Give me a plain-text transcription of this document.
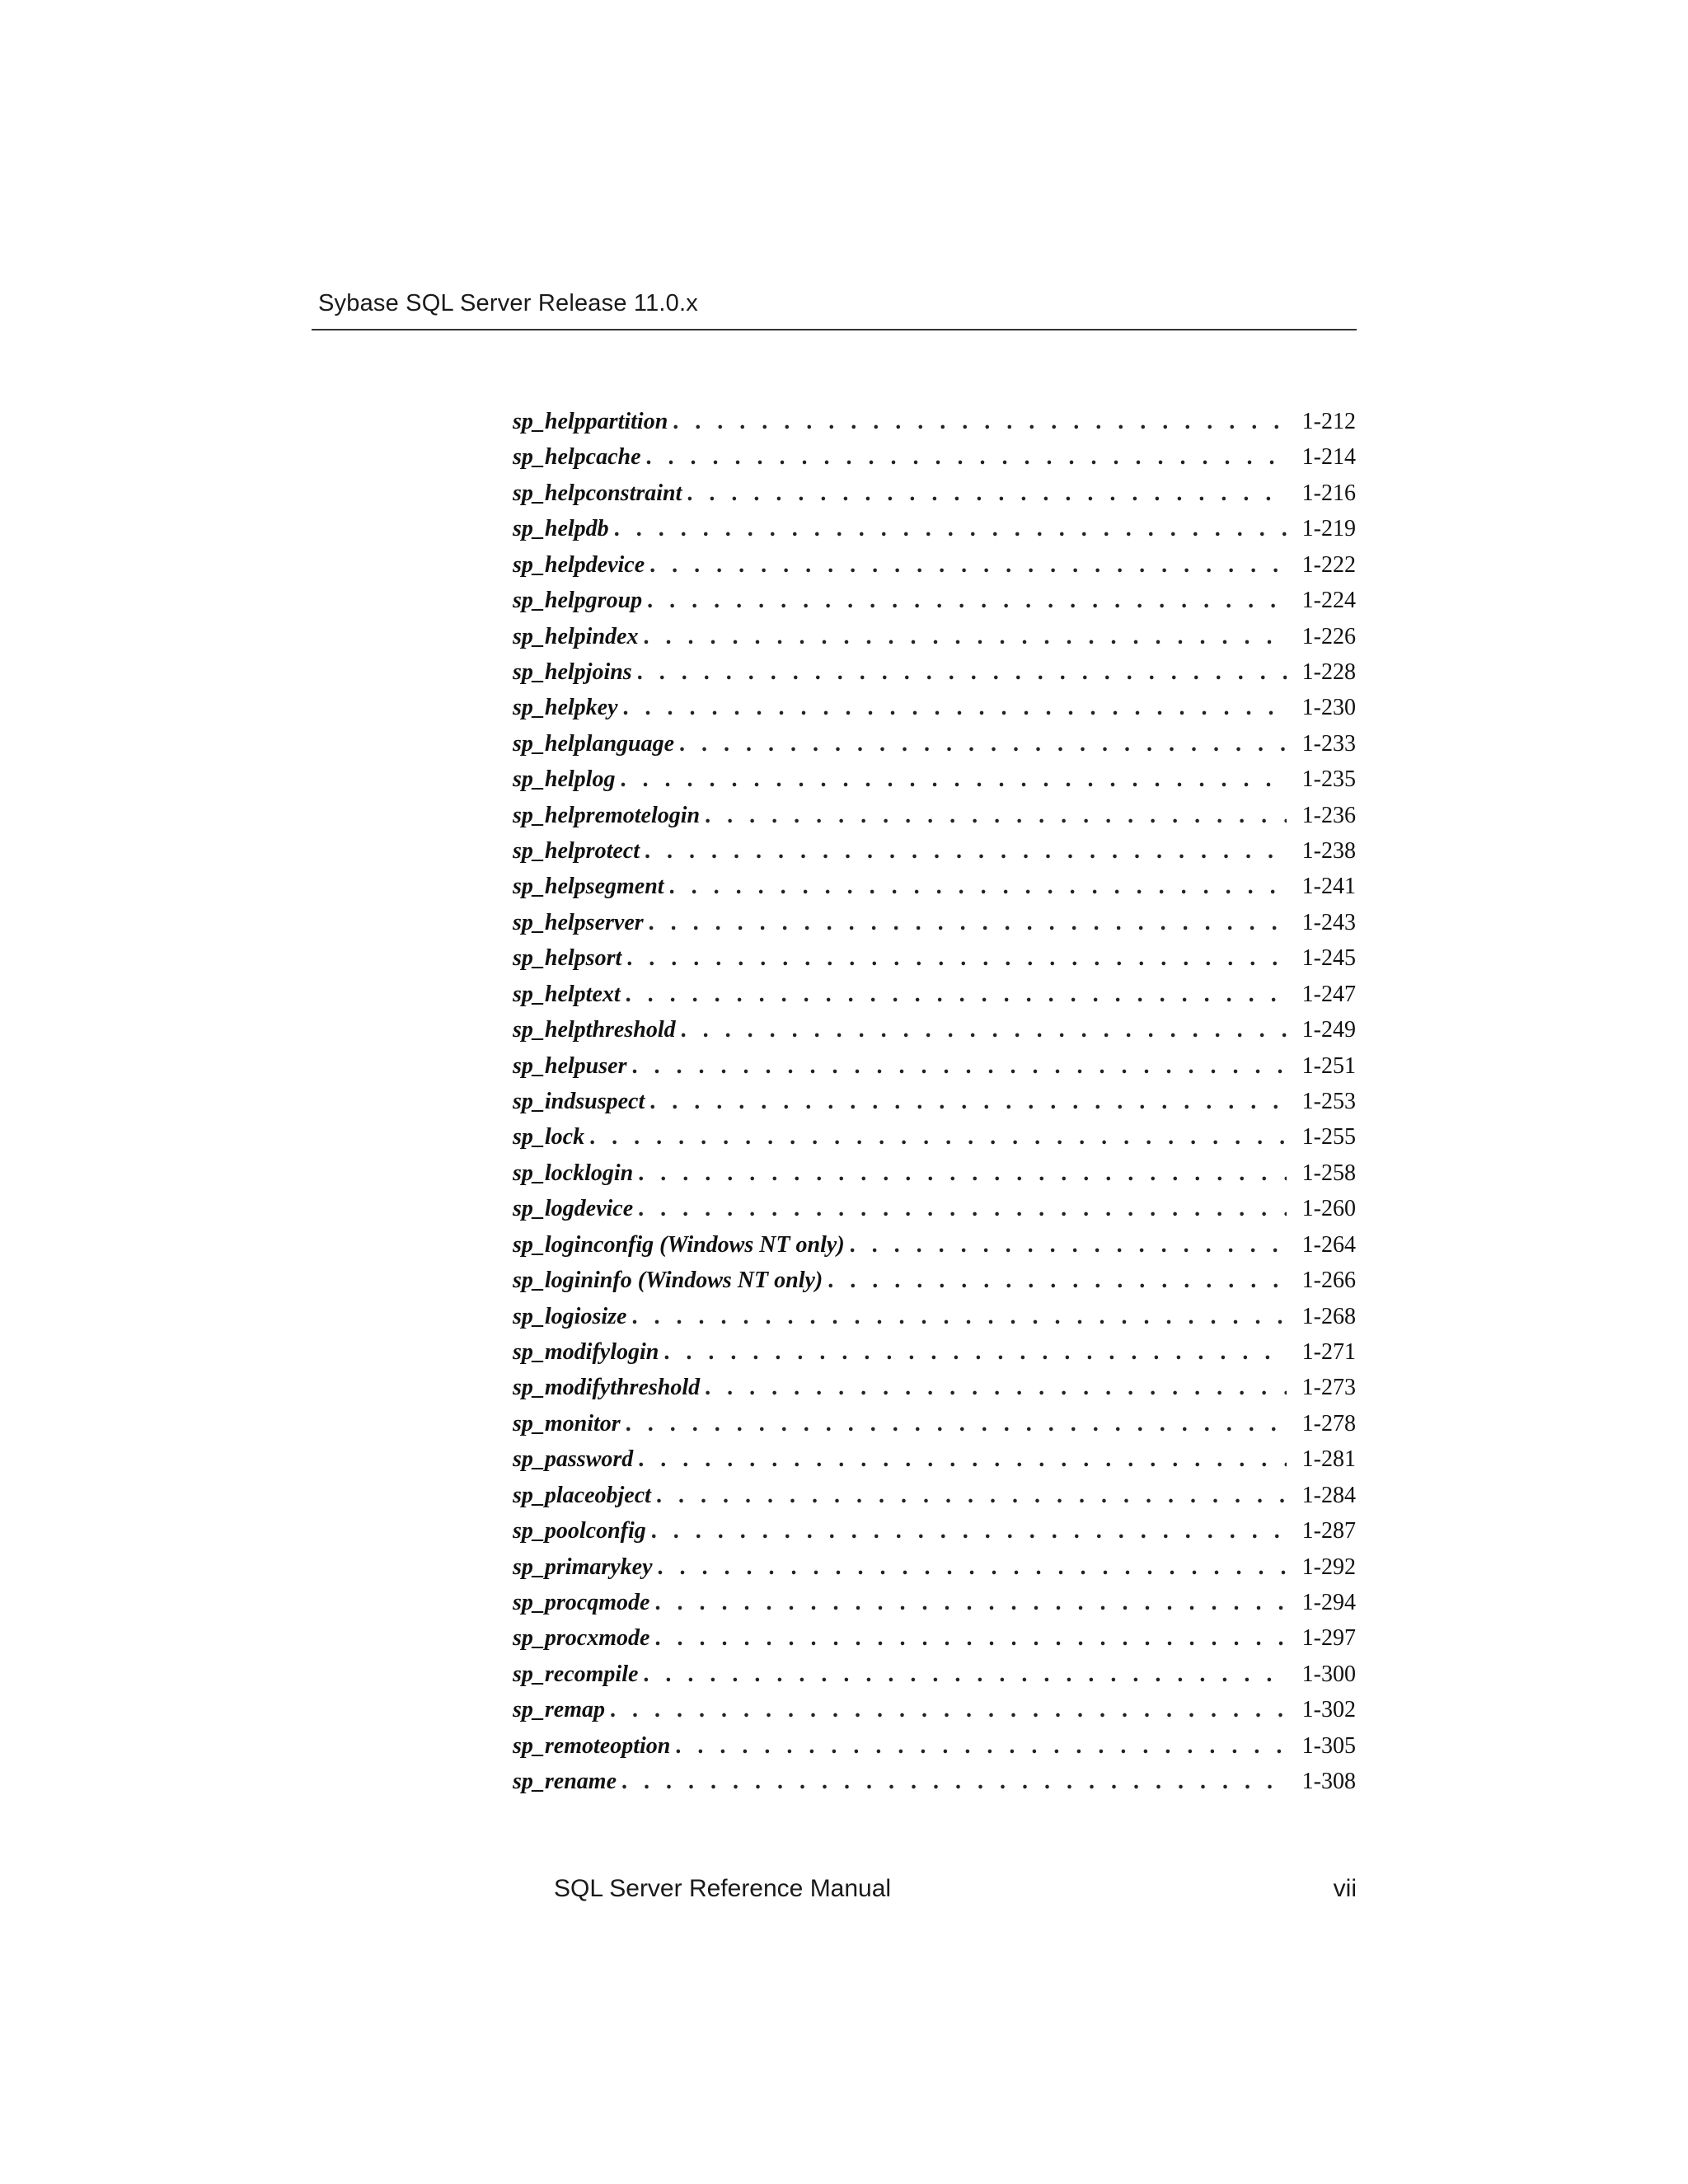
Sybase SQL Server Release 11.0.x
sp_helppartition . . .	1-212
sp_helpcache . . .	1-214
sp_helpconstraint . . .	1-216
sp_helpdb . . .	1-219
sp_helpdevice . . .	1-222
sp_helpgroup . . .	1-224
sp_helpindex . . .	1-226
sp_helpjoins . . .	1-228
sp_helpkey . . .	1-230
sp_helplanguage . . .	1-233
sp_helplog . . .	1-235
sp_helpremotelogin . . .	1-236
sp_helprotect . . .	1-238
sp_helpsegment . . .	1-241
sp_helpserver . . .	1-243
sp_helpsort . . .	1-245
sp_helptext . . .	1-247
sp_helpthreshold . . .	1-249
sp_helpuser . . .	1-251
sp_indsuspect . . .	1-253
sp_lock . . .	1-255
sp_locklogin . . .	1-258
sp_logdevice . . .	1-260
sp_loginconfig (Windows NT only) . . .	1-264
sp_logininfo (Windows NT only) . . .	1-266
sp_logiosize . . .	1-268
sp_modifylogin . . .	1-271
sp_modifythreshold . . .	1-273
sp_monitor . . .	1-278
sp_password . . .	1-281
sp_placeobject . . .	1-284
sp_poolconfig . . .	1-287
sp_primarykey . . .	1-292
sp_procqmode . . .	1-294
sp_procxmode . . .	1-297
sp_recompile . . .	1-300
sp_remap . . .	1-302
sp_remoteoption . . .	1-305
sp_rename . . .	1-308
SQL Server Reference Manual	vii
